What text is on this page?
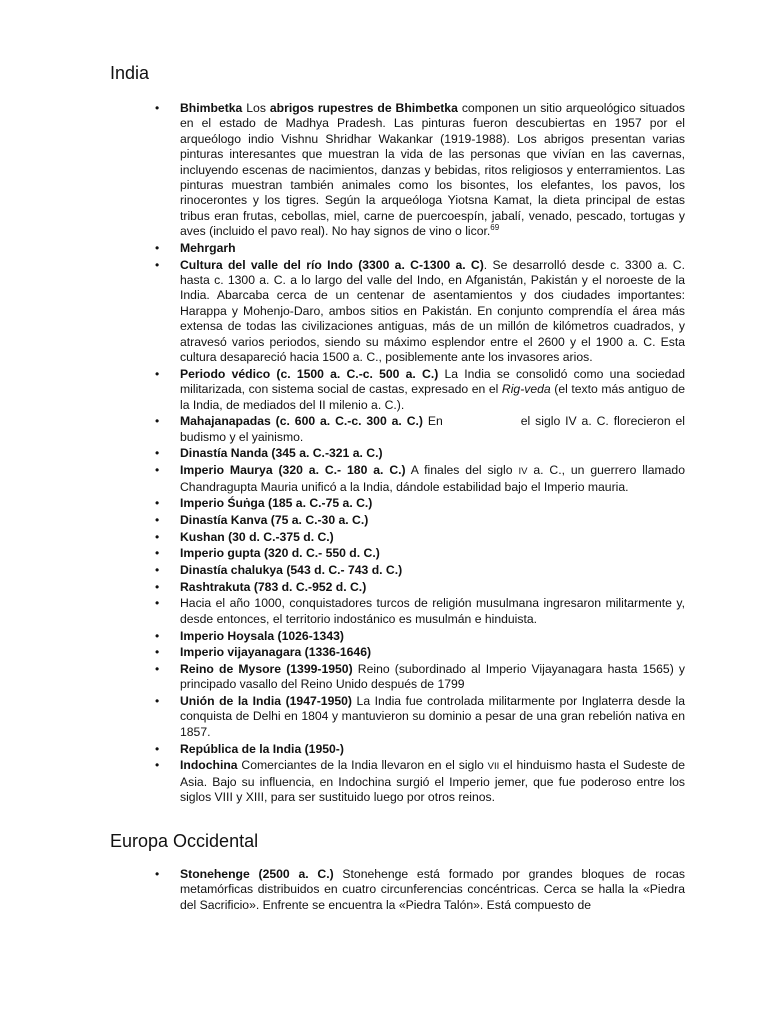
India
• Bhimbetka Los abrigos rupestres de Bhimbetka componen un sitio arqueológico situados en el estado de Madhya Pradesh. Las pinturas fueron descubiertas en 1957 por el arqueólogo indio Vishnu Shridhar Wakankar (1919-1988). Los abrigos presentan varias pinturas interesantes que muestran la vida de las personas que vivían en las cavernas, incluyendo escenas de nacimientos, danzas y bebidas, ritos religiosos y enterramientos. Las pinturas muestran también animales como los bisontes, los elefantes, los pavos, los rinocerontes y los tigres. Según la arqueóloga Yiotsna Kamat, la dieta principal de estas tribus eran frutas, cebollas, miel, carne de puercoespín, jabalí, venado, pescado, tortugas y aves (incluido el pavo real). No hay signos de vino o licor.$^{69}$
• Mehrgarh
• Cultura del valle del río Indo (3300 a. C-1300 a. C). Se desarrolló desde c. 3300 a. C. hasta c. 1300 a. C. a lo largo del valle del Indo, en Afganistán, Pakistán y el noroeste de la India. Abarcaba cerca de un centenar de asentamientos y dos ciudades importantes: Harappa y Mohenjo-Daro, ambos sitios en Pakistán. En conjunto comprendía el área más extensa de todas las civilizaciones antiguas, más de un millón de kilómetros cuadrados, y atravesó varios periodos, siendo su máximo esplendor entre el 2600 y el 1900 a. C. Esta cultura desapareció hacia 1500 a. C., posiblemente ante los invasores arios.
• Periodo védico (c. 1500 a. C.-c. 500 a. C.) La India se consolidó como una sociedad militarizada, con sistema social de castas, expresado en el Rig-veda (el texto más antiguo de la India, de mediados del II milenio a. C.).
• Mahajanapadas (c. 600 a. C.-c. 300 a. C.) En	el siglo IV a. C. florecieron el budismo y el yainismo.
• Dinastía Nanda (345 a. C.-321 a. C.)
• Imperio Maurya (320 a. C.- 180 a. C.) A finales del siglo IV a. C., un guerrero llamado Chandragupta Mauria unificó a la India, dándole estabilidad bajo el Imperio mauria.
• Imperio Śuṅga (185 a. C.-75 a. C.)
• Dinastía Kanva (75 a. C.-30 a. C.)
• Kushan (30 d. C.-375 d. C.)
• Imperio gupta (320 d. C.- 550 d. C.)
• Dinastía chalukya (543 d. C.- 743 d. C.)
• Rashtrakuta (783 d. C.-952 d. C.)
• Hacia el año 1000, conquistadores turcos de religión musulmana ingresaron militarmente y, desde entonces, el territorio indostánico es musulmán e hinduista.
• Imperio Hoysala (1026-1343)
• Imperio vijayanagara (1336-1646)
• Reino de Mysore (1399-1950) Reino (subordinado al Imperio Vijayanagara hasta 1565) y principado vasallo del Reino Unido después de 1799
• Unión de la India (1947-1950) La India fue controlada militarmente por Inglaterra desde la conquista de Delhi en 1804 y mantuvieron su dominio a pesar de una gran rebelión nativa en 1857.
• República de la India (1950-)
• Indochina Comerciantes de la India llevaron en el siglo VII el hinduismo hasta el Sudeste de Asia. Bajo su influencia, en Indochina surgió el Imperio jemer, que fue poderoso entre los siglos VIII y XIII, para ser sustituido luego por otros reinos.
Europa Occidental
• Stonehenge (2500 a. C.) Stonehenge está formado por grandes bloques de rocas metamórficas distribuidos en cuatro circunferencias concéntricas. Cerca se halla la «Piedra del Sacrificio». Enfrente se encuentra la «Piedra Talón». Está compuesto de
